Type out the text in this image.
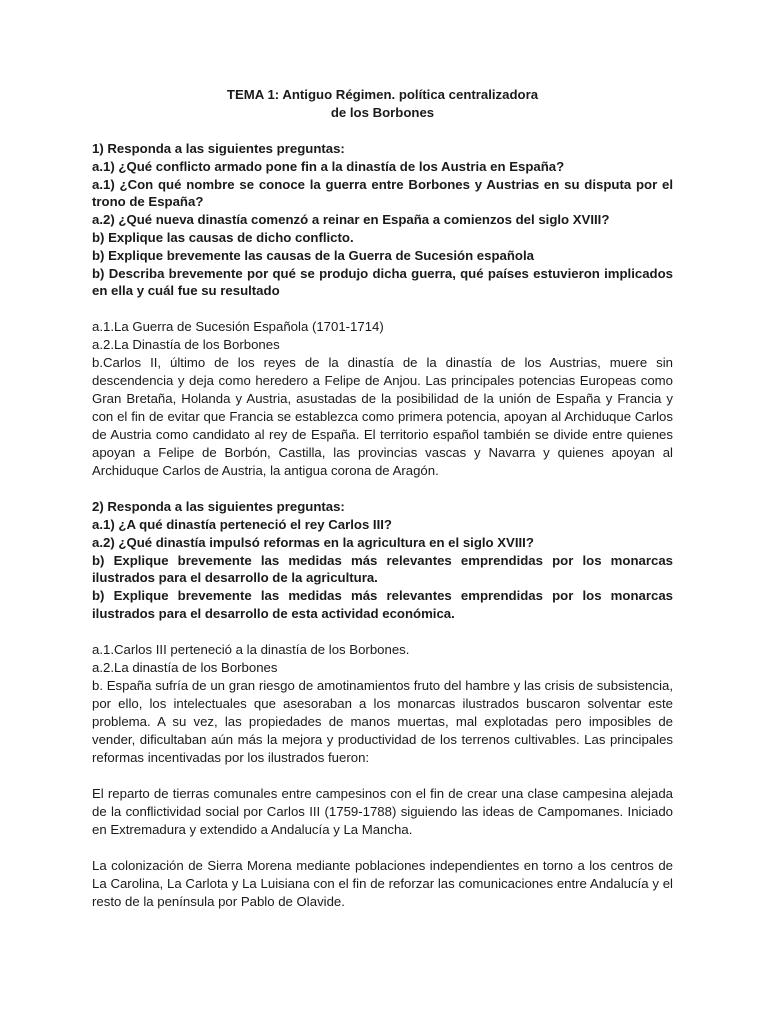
TEMA 1: Antiguo Régimen. política centralizadora
de los Borbones
1) Responda a las siguientes preguntas:
a.1) ¿Qué conflicto armado pone fin a la dinastía de los Austria en España?
a.1) ¿Con qué nombre se conoce la guerra entre Borbones y Austrias en su disputa por el trono de España?
a.2) ¿Qué nueva dinastía comenzó a reinar en España a comienzos del siglo XVIII?
b) Explique las causas de dicho conflicto.
b) Explique brevemente las causas de la Guerra de Sucesión española
b) Describa brevemente por qué se produjo dicha guerra, qué países estuvieron implicados en ella y cuál fue su resultado
a.1.La Guerra de Sucesión Española (1701-1714)
a.2.La Dinastía de los Borbones
b.Carlos II, último de los reyes de la dinastía de la dinastía de los Austrias, muere sin descendencia y deja como heredero a Felipe de Anjou. Las principales potencias Europeas como Gran Bretaña, Holanda y Austria, asustadas de la posibilidad de la unión de España y Francia y con el fin de evitar que Francia se establezca como primera potencia, apoyan al Archiduque Carlos de Austria como candidato al rey de España. El territorio español también se divide entre quienes apoyan a Felipe de Borbón, Castilla, las provincias vascas y Navarra y quienes apoyan al Archiduque Carlos de Austria, la antigua corona de Aragón.
2) Responda a las siguientes preguntas:
a.1) ¿A qué dinastía perteneció el rey Carlos III?
a.2) ¿Qué dinastía impulsó reformas en la agricultura en el siglo XVIII?
b) Explique brevemente las medidas más relevantes emprendidas por los monarcas ilustrados para el desarrollo de la agricultura.
b) Explique brevemente las medidas más relevantes emprendidas por los monarcas ilustrados para el desarrollo de esta actividad económica.
a.1.Carlos III perteneció a la dinastía de los Borbones.
a.2.La dinastía de los Borbones
b. España sufría de un gran riesgo de amotinamientos fruto del hambre y las crisis de subsistencia, por ello, los intelectuales que asesoraban a los monarcas ilustrados buscaron solventar este problema. A su vez, las propiedades de manos muertas, mal explotadas pero imposibles de vender, dificultaban aún más la mejora y productividad de los terrenos cultivables. Las principales reformas incentivadas por los ilustrados fueron:
El reparto de tierras comunales entre campesinos con el fin de crear una clase campesina alejada de la conflictividad social por Carlos III (1759-1788) siguiendo las ideas de Campomanes. Iniciado en Extremadura y extendido a Andalucía y La Mancha.
La colonización de Sierra Morena mediante poblaciones independientes en torno a los centros de La Carolina, La Carlota y La Luisiana con el fin de reforzar las comunicaciones entre Andalucía y el resto de la península por Pablo de Olavide.
